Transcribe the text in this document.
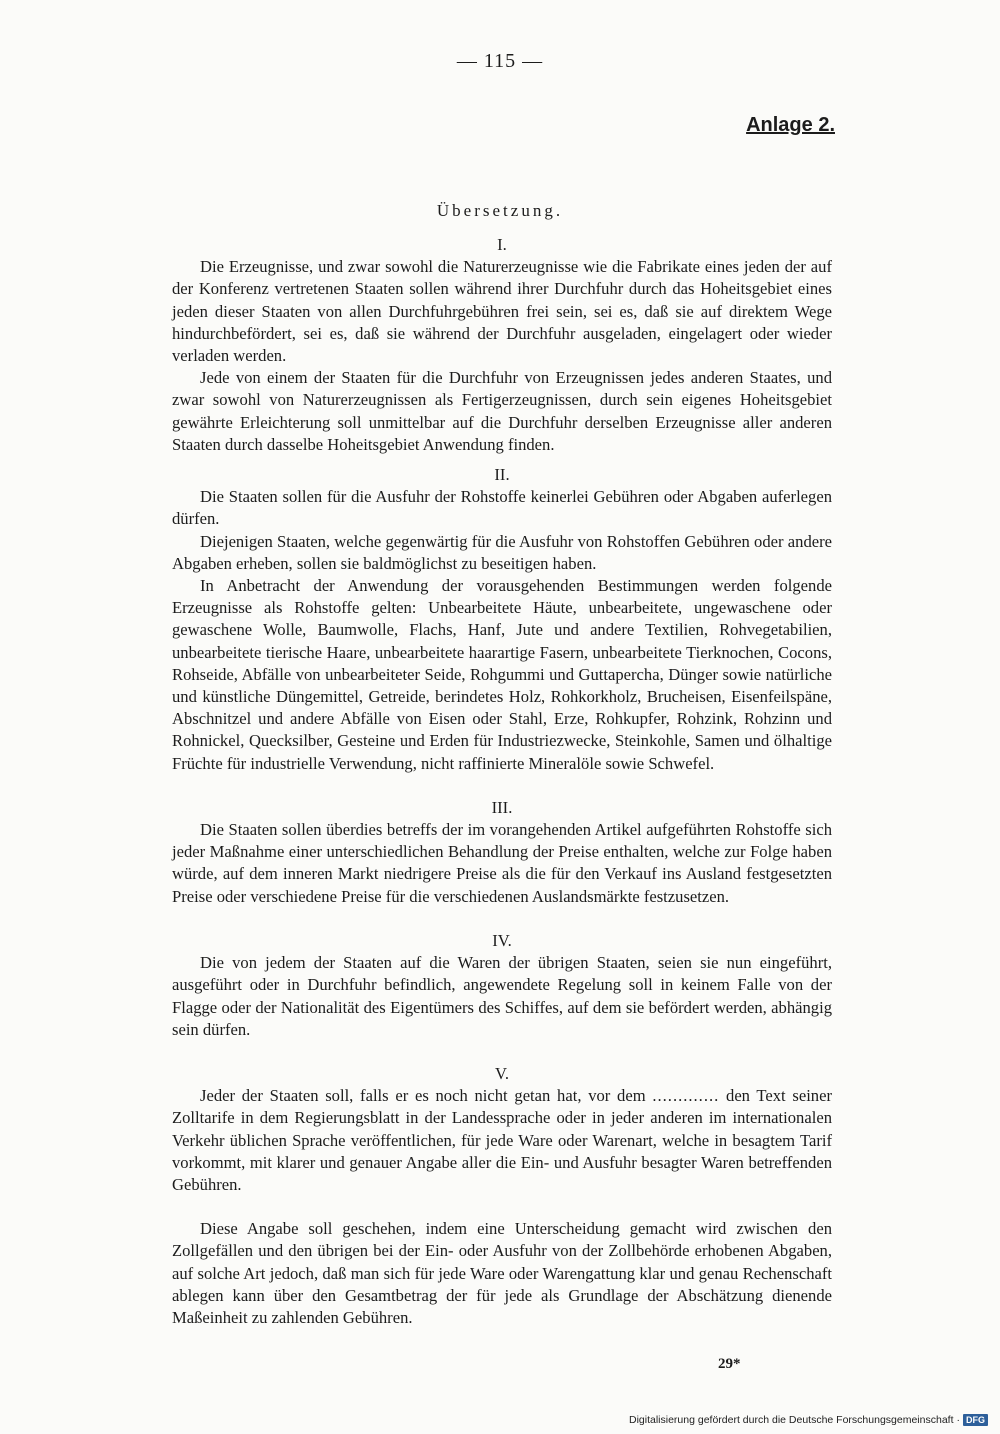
— 115 —
Anlage 2.
Übersetzung.

I.

Die Erzeugnisse, und zwar sowohl die Naturerzeugnisse wie die Fabrikate eines jeden der auf der Konferenz vertretenen Staaten sollen während ihrer Durchfuhr durch das Hoheitsgebiet eines jeden dieser Staaten von allen Durchfuhrgebühren frei sein, sei es, daß sie auf direktem Wege hindurchbefördert, sei es, daß sie während der Durchfuhr ausgeladen, eingelagert oder wieder verladen werden.

Jede von einem der Staaten für die Durchfuhr von Erzeugnissen jedes anderen Staates, und zwar sowohl von Naturerzeugnissen als Fertigerzeugnissen, durch sein eigenes Hoheitsgebiet gewährte Erleichterung soll unmittelbar auf die Durchfuhr derselben Erzeugnisse aller anderen Staaten durch dasselbe Hoheitsgebiet Anwendung finden.

II.

Die Staaten sollen für die Ausfuhr der Rohstoffe keinerlei Gebühren oder Abgaben auferlegen dürfen.

Diejenigen Staaten, welche gegenwärtig für die Ausfuhr von Rohstoffen Gebühren oder andere Abgaben erheben, sollen sie baldmöglichst zu beseitigen haben.

In Anbetracht der Anwendung der vorausgehenden Bestimmungen werden folgende Erzeugnisse als Rohstoffe gelten: Unbearbeitete Häute, unbearbeitete, ungewaschene oder gewaschene Wolle, Baumwolle, Flachs, Hanf, Jute und andere Textilien, Rohvegetabilien, unbearbeitete tierische Haare, unbearbeitete haarartige Fasern, unbearbeitete Tierknochen, Cocons, Rohseide, Abfälle von unbearbeiteter Seide, Rohgummi und Guttapercha, Dünger sowie natürliche und künstliche Düngemittel, Getreide, berindetes Holz, Rohkorkholz, Brucheisen, Eisenfeilspäne, Abschnitzel und andere Abfälle von Eisen oder Stahl, Erze, Rohkupfer, Rohzink, Rohzinn und Rohnickel, Quecksilber, Gesteine und Erden für Industriezwecke, Steinkohle, Samen und ölhaltige Früchte für industrielle Verwendung, nicht raffinierte Mineralöle sowie Schwefel.

III.

Die Staaten sollen überdies betreffs der im vorangehenden Artikel aufgeführten Rohstoffe sich jeder Maßnahme einer unterschiedlichen Behandlung der Preise enthalten, welche zur Folge haben würde, auf dem inneren Markt niedrigere Preise als die für den Verkauf ins Ausland festgesetzten Preise oder verschiedene Preise für die verschiedenen Auslandsmärkte festzusetzen.

IV.

Die von jedem der Staaten auf die Waren der übrigen Staaten, seien sie nun eingeführt, ausgeführt oder in Durchfuhr befindlich, angewendete Regelung soll in keinem Falle von der Flagge oder der Nationalität des Eigentümers des Schiffes, auf dem sie befördert werden, abhängig sein dürfen.

V.

Jeder der Staaten soll, falls er es noch nicht getan hat, vor dem ............. den Text seiner Zolltarife in dem Regierungsblatt in der Landessprache oder in jeder anderen im internationalen Verkehr üblichen Sprache veröffentlichen, für jede Ware oder Warenart, welche in besagtem Tarif vorkommt, mit klarer und genauer Angabe aller die Ein- und Ausfuhr besagter Waren betreffenden Gebühren.

Diese Angabe soll geschehen, indem eine Unterscheidung gemacht wird zwischen den Zollgefällen und den übrigen bei der Ein- oder Ausfuhr von der Zollbehörde erhobenen Abgaben, auf solche Art jedoch, daß man sich für jede Ware oder Warengattung klar und genau Rechenschaft ablegen kann über den Gesamtbetrag der für jede als Grundlage der Abschätzung dienende Maßeinheit zu zahlenden Gebühren.

29*
Digitalisierung gefördert durch die Deutsche Forschungsgemeinschaft · DFG
